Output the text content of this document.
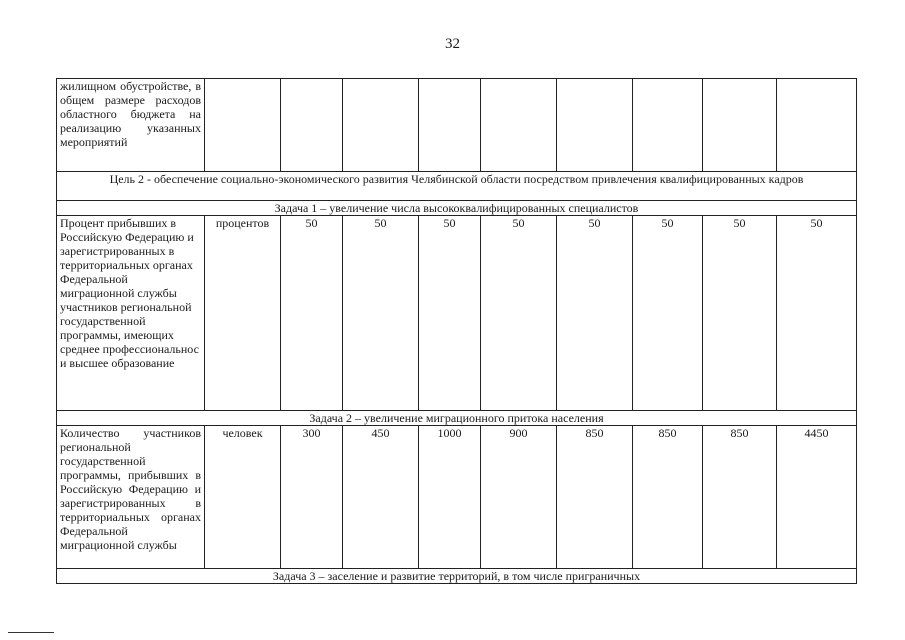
32
жилищном обустройстве, в общем размере расходов областного бюджета на реализацию указанных мероприятий									
Цель 2 - обеспечение социально-экономического развития Челябинской области посредством привлечения квалифицированных кадров									
Задача 1 – увеличение числа высококвалифицированных специалистов									
Процент прибывших в Российскую Федерацию и зарегистрированных в территориальных органах Федеральной миграционной службы участников региональной государственной программы, имеющих среднее профессиональнос и высшее образование	процентов	50	50	50	50	50	50	50	50
Задача 2 – увеличение миграционного притока населения									
Количество участников региональной государственной программы, прибывших в Российскую Федерацию и зарегистрированных в территориальных органах Федеральной миграционной службы	человек	300	450	1000	900	850	850	850	4450
Задача 3 – заселение и развитие территорий, в том числе приграничных									
